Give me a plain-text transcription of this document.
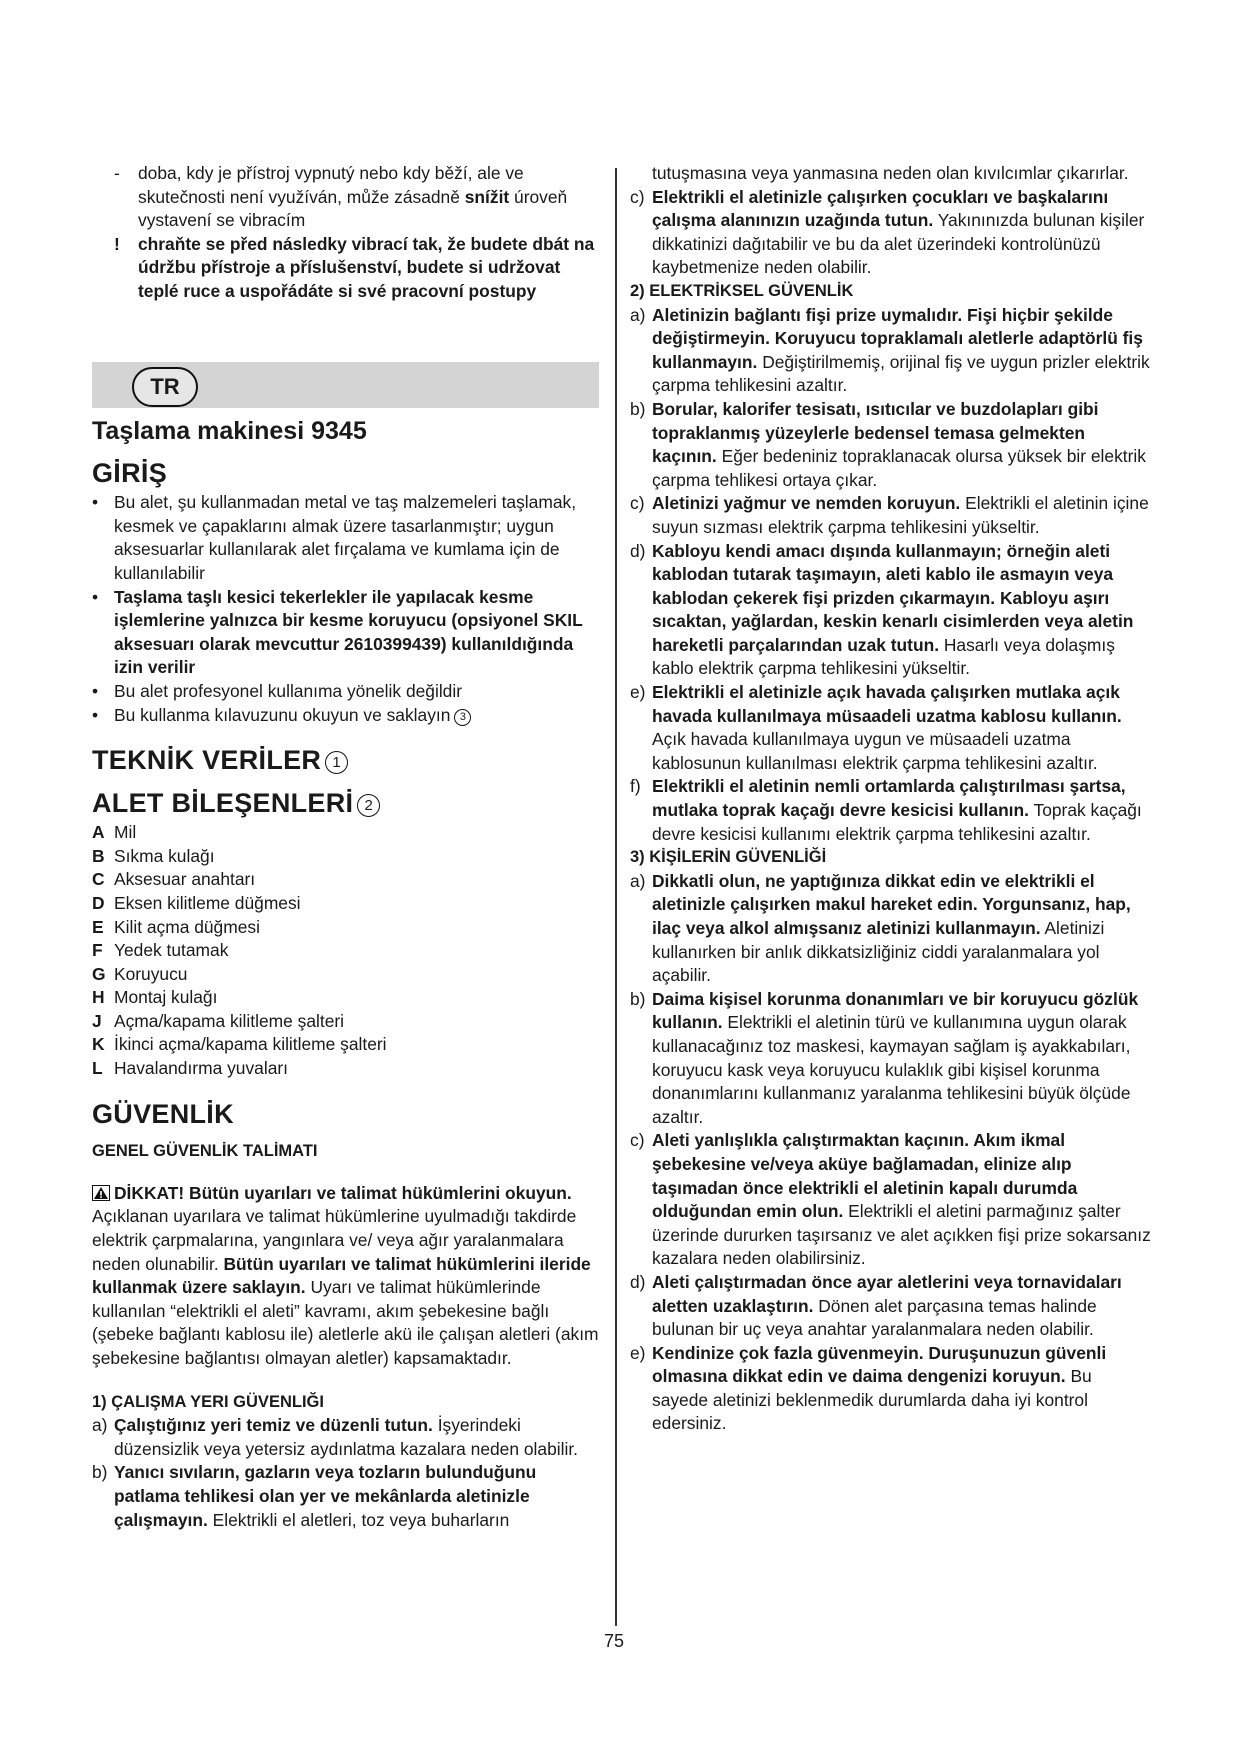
- doba, kdy je přístroj vypnutý nebo kdy běží, ale ve skutečnosti není využíván, může zásadně snížit úroveň vystavení se vibracím
! chraňte se před následky vibrací tak, že budete dbát na údržbu přístroje a příslušenství, budete si udržovat teplé ruce a uspořádáte si své pracovní postupy
TR
Taşlama makinesi 9345
GİRİŞ
• Bu alet, şu kullanmadan metal ve taş malzemeleri taşlamak, kesmek ve çapaklarını almak üzere tasarlanmıştır; uygun aksesuarlar kullanılarak alet fırçalama ve kumlama için de kullanılabilir
• Taşlama taşlı kesici tekerlekler ile yapılacak kesme işlemlerine yalnızca bir kesme koruyucu (opsiyonel SKIL aksesuarı olarak mevcuttur 2610399439) kullanıldığında izin verilir
• Bu alet profesyonel kullanıma yönelik değildir
• Bu kullanma kılavuzunu okuyun ve saklayın 3
TEKNİK VERİLER 1
ALET BİLEŞENLERİ 2
A Mil
B Sıkma kulağı
C Aksesuar anahtarı
D Eksen kilitleme düğmesi
E Kilit açma düğmesi
F Yedek tutamak
G Koruyucu
H Montaj kulağı
J Açma/kapama kilitleme şalteri
K İkinci açma/kapama kilitleme şalteri
L Havalandırma yuvaları
GÜVENLİK
GENEL GÜVENLİK TALİMATI
DİKKAT! Bütün uyarıları ve talimat hükümlerini okuyun. Açıklanan uyarılara ve talimat hükümlerine uyulmadığı takdirde elektrik çarpmalarına, yangınlara ve/ veya ağır yaralanmalara neden olunabilir. Bütün uyarıları ve talimat hükümlerini ileride kullanmak üzere saklayın. Uyarı ve talimat hükümlerinde kullanılan “elektrikli el aleti” kavramı, akım şebekesine bağlı (şebeke bağlantı kablosu ile) aletlerle akü ile çalışan aletleri (akım şebekesine bağlantısı olmayan aletler) kapsamaktadır.
1) ÇALIŞMA YERI GÜVENLIĞI
a) Çalıştığınız yeri temiz ve düzenli tutun. İşyerindeki düzensizlik veya yetersiz aydınlatma kazalara neden olabilir.
b) Yanıcı sıvıların, gazların veya tozların bulunduğunu patlama tehlikesi olan yer ve mekânlarda aletinizle çalışmayın. Elektrikli el aletleri, toz veya buharların
tutuşmasına veya yanmasına neden olan kıvılcımlar çıkarırlar.
c) Elektrikli el aletinizle çalışırken çocukları ve başkalarını çalışma alanınızın uzağında tutun. Yakınınızda bulunan kişiler dikkatinizi dağıtabilir ve bu da alet üzerindeki kontrolünüzü kaybetmenize neden olabilir.
2) ELEKTRİKSEL GÜVENLİK
a) Aletinizin bağlantı fişi prize uymalıdır. Fişi hiçbir şekilde değiştirmeyin. Koruyucu topraklamalı aletlerle adaptörlü fiş kullanmayın. Değiştirilmemiş, orijinal fiş ve uygun prizler elektrik çarpma tehlikesini azaltır.
b) Borular, kalorifer tesisatı, ısıtıcılar ve buzdolapları gibi topraklanmış yüzeylerle bedensel temasa gelmekten kaçının. Eğer bedeniniz topraklanacak olursa yüksek bir elektrik çarpma tehlikesi ortaya çıkar.
c) Aletinizi yağmur ve nemden koruyun. Elektrikli el aletinin içine suyun sızması elektrik çarpma tehlikesini yükseltir.
d) Kabloyu kendi amacı dışında kullanmayın; örneğin aleti kablodan tutarak taşımayın, aleti kablo ile asmayın veya kablodan çekerek fişi prizden çıkarmayın. Kabloyu aşırı sıcaktan, yağlardan, keskin kenarlı cisimlerden veya aletin hareketli parçalarından uzak tutun. Hasarlı veya dolaşmış kablo elektrik çarpma tehlikesini yükseltir.
e) Elektrikli el aletinizle açık havada çalışırken mutlaka açık havada kullanılmaya müsaadeli uzatma kablosu kullanın. Açık havada kullanılmaya uygun ve müsaadeli uzatma kablosunun kullanılması elektrik çarpma tehlikesini azaltır.
f) Elektrikli el aletinin nemli ortamlarda çalıştırılması şartsa, mutlaka toprak kaçağı devre kesicisi kullanın. Toprak kaçağı devre kesicisi kullanımı elektrik çarpma tehlikesini azaltır.
3) KİŞİLERİN GÜVENLİĞİ
a) Dikkatli olun, ne yaptığınıza dikkat edin ve elektrikli el aletinizle çalışırken makul hareket edin. Yorgunsanız, hap, ilaç veya alkol almışsanız aletinizi kullanmayın. Aletinizi kullanırken bir anlık dikkatsizliğiniz ciddi yaralanmalara yol açabilir.
b) Daima kişisel korunma donanımları ve bir koruyucu gözlük kullanın. Elektrikli el aletinin türü ve kullanımına uygun olarak kullanacağınız toz maskesi, kaymayan sağlam iş ayakkabıları, koruyucu kask veya koruyucu kulaklık gibi kişisel korunma donanımlarını kullanmanız yaralanma tehlikesini büyük ölçüde azaltır.
c) Aleti yanlışlıkla çalıştırmaktan kaçının. Akım ikmal şebekesine ve/veya aküye bağlamadan, elinize alıp taşımadan önce elektrikli el aletinin kapalı durumda olduğundan emin olun. Elektrikli el aletini parmağınız şalter üzerinde dururken taşırsanız ve alet açıkken fişi prize sokarsanız kazalara neden olabilirsiniz.
d) Aleti çalıştırmadan önce ayar aletlerini veya tornavidaları aletten uzaklaştırın. Dönen alet parçasına temas halinde bulunan bir uç veya anahtar yaralanmalara neden olabilir.
e) Kendinize çok fazla güvenmeyin. Duruşunuzun güvenli olmasına dikkat edin ve daima dengenizi koruyun. Bu sayede aletinizi beklenmedik durumlarda daha iyi kontrol edersiniz.
75
